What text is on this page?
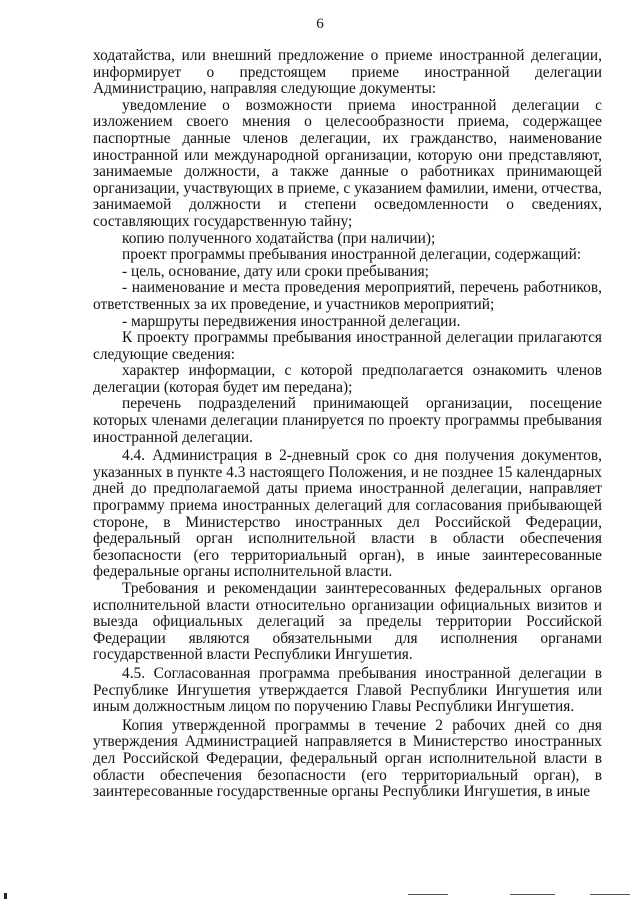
6

ходатайства, или внешний предложение о приеме иностранной делегации, информирует о предстоящем приеме иностранной делегации Администрацию, направляя следующие документы:

уведомление о возможности приема иностранной делегации с изложением своего мнения о целесообразности приема, содержащее паспортные данные членов делегации, их гражданство, наименование иностранной или международной организации, которую они представляют, занимаемые должности, а также данные о работниках принимающей организации, участвующих в приеме, с указанием фамилии, имени, отчества, занимаемой должности и степени осведомленности о сведениях, составляющих государственную тайну;

копию полученного ходатайства (при наличии);

проект программы пребывания иностранной делегации, содержащий:

- цель, основание, дату или сроки пребывания;

- наименование и места проведения мероприятий, перечень работников, ответственных за их проведение, и участников мероприятий;

- маршруты передвижения иностранной делегации.

К проекту программы пребывания иностранной делегации прилагаются следующие сведения:

характер информации, с которой предполагается ознакомить членов делегации (которая будет им передана);

перечень подразделений принимающей организации, посещение которых членами делегации планируется по проекту программы пребывания иностранной делегации.

4.4. Администрация в 2-дневный срок со дня получения документов, указанных в пункте 4.3 настоящего Положения, и не позднее 15 календарных дней до предполагаемой даты приема иностранной делегации, направляет программу приема иностранных делегаций для согласования прибывающей стороне, в Министерство иностранных дел Российской Федерации, федеральный орган исполнительной власти в области обеспечения безопасности (его территориальный орган), в иные заинтересованные федеральные органы исполнительной власти.

Требования и рекомендации заинтересованных федеральных органов исполнительной власти относительно организации официальных визитов и выезда официальных делегаций за пределы территории Российской Федерации являются обязательными для исполнения органами государственной власти Республики Ингушетия.

4.5. Согласованная программа пребывания иностранной делегации в Республике Ингушетия утверждается Главой Республики Ингушетия или иным должностным лицом по поручению Главы Республики Ингушетия.

Копия утвержденной программы в течение 2 рабочих дней со дня утверждения Администрацией направляется в Министерство иностранных дел Российской Федерации, федеральный орган исполнительной власти в области обеспечения безопасности (его территориальный орган), в заинтересованные государственные органы Республики Ингушетия, в иные
